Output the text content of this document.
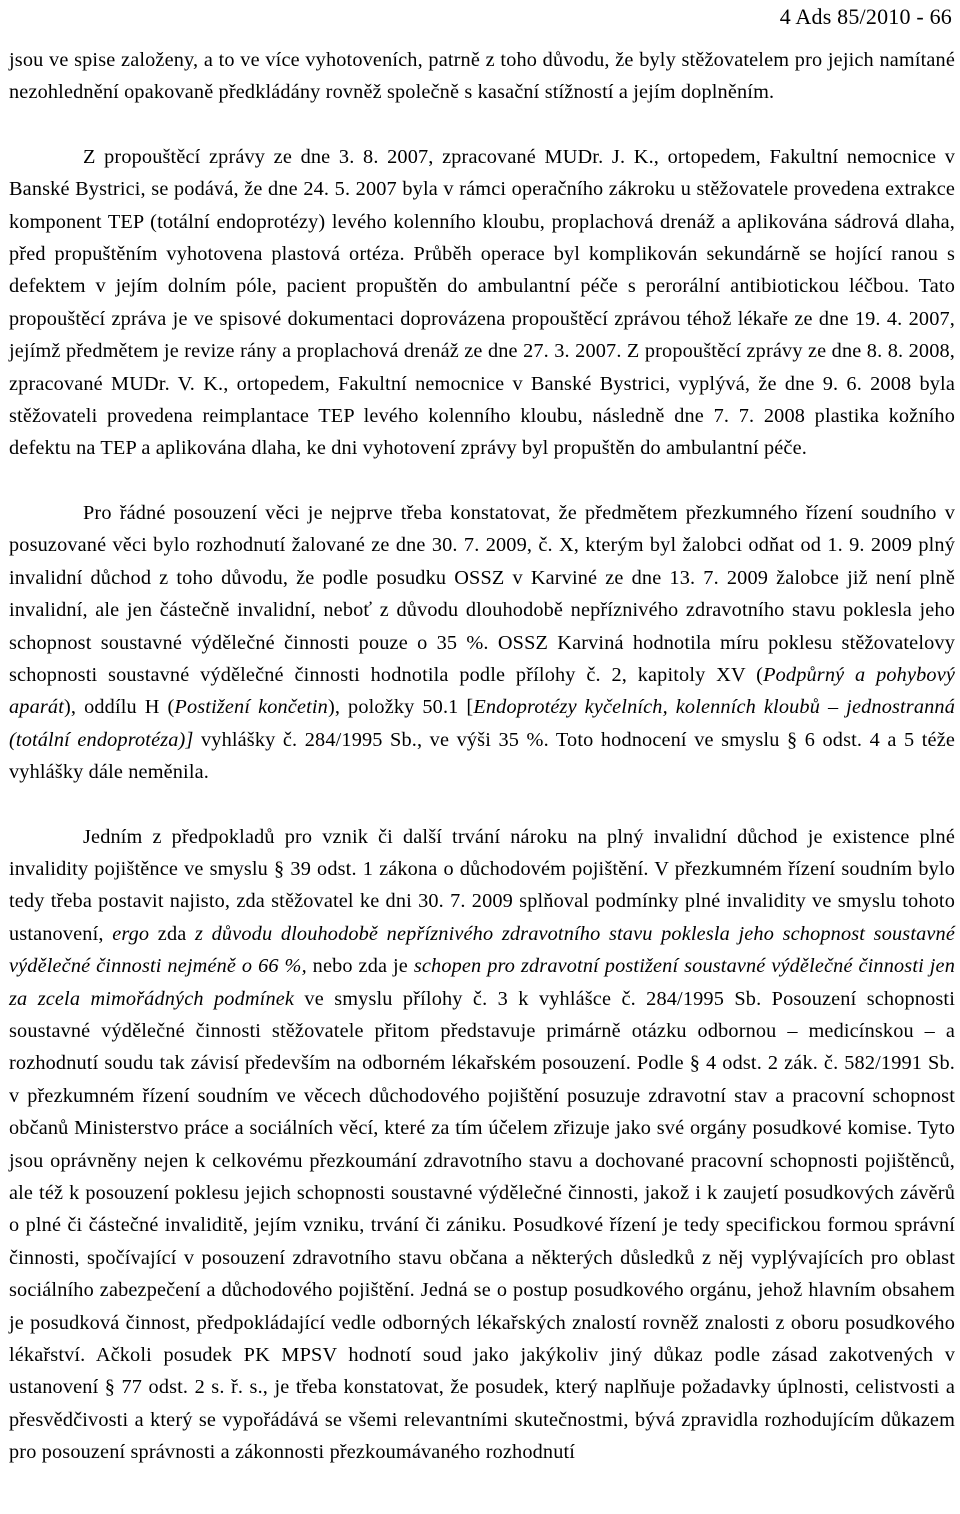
4 Ads 85/2010 - 66

jsou ve spise založeny, a to ve více vyhotoveních, patrně z toho důvodu, že byly stěžovatelem pro jejich namítané nezohlednění opakovaně předkládány rovněž společně s kasační stížností a jejím doplněním.

Z propouštěcí zprávy ze dne 3. 8. 2007, zpracované MUDr. J. K., ortopedem, Fakultní nemocnice v Banské Bystrici, se podává, že dne 24. 5. 2007 byla v rámci operačního zákroku u stěžovatele provedena extrakce komponent TEP (totální endoprotézy) levého kolenního kloubu, proplachová drenáž a aplikována sádrová dlaha, před propuštěním vyhotovena plastová ortéza. Průběh operace byl komplikován sekundárně se hojící ranou s defektem v jejím dolním póle, pacient propuštěn do ambulantní péče s perorální antibiotickou léčbou. Tato propouštěcí zpráva je ve spisové dokumentaci doprovázena propouštěcí zprávou téhož lékaře ze dne 19. 4. 2007, jejímž předmětem je revize rány a proplachová drenáž ze dne 27. 3. 2007. Z propouštěcí zprávy ze dne 8. 8. 2008, zpracované MUDr. V. K., ortopedem, Fakultní nemocnice v Banské Bystrici, vyplývá, že dne 9. 6. 2008 byla stěžovateli provedena reimplantace TEP levého kolenního kloubu, následně dne 7. 7. 2008 plastika kožního defektu na TEP a aplikována dlaha, ke dni vyhotovení zprávy byl propuštěn do ambulantní péče.

Pro řádné posouzení věci je nejprve třeba konstatovat, že předmětem přezkumného řízení soudního v posuzované věci bylo rozhodnutí žalované ze dne 30. 7. 2009, č. X, kterým byl žalobci odňat od 1. 9. 2009 plný invalidní důchod z toho důvodu, že podle posudku OSSZ v Karviné ze dne 13. 7. 2009 žalobce již není plně invalidní, ale jen částečně invalidní, neboť z důvodu dlouhodobě nepříznivého zdravotního stavu poklesla jeho schopnost soustavné výdělečné činnosti pouze o 35 %. OSSZ Karviná hodnotila míru poklesu stěžovatelovy schopnosti soustavné výdělečné činnosti hodnotila podle přílohy č. 2, kapitoly XV (Podpůrný a pohybový aparát), oddílu H (Postižení končetin), položky 50.1 [Endoprotézy kyčelních, kolenních kloubů – jednostranná (totální endoprotéza)] vyhlášky č. 284/1995 Sb., ve výši 35 %. Toto hodnocení ve smyslu § 6 odst. 4 a 5 téže vyhlášky dále neměnila.

Jedním z předpokladů pro vznik či další trvání nároku na plný invalidní důchod je existence plné invalidity pojištěnce ve smyslu § 39 odst. 1 zákona o důchodovém pojištění. V přezkumném řízení soudním bylo tedy třeba postavit najisto, zda stěžovatel ke dni 30. 7. 2009 splňoval podmínky plné invalidity ve smyslu tohoto ustanovení, ergo zda z důvodu dlouhodobě nepříznivého zdravotního stavu poklesla jeho schopnost soustavné výdělečné činnosti nejméně o 66 %, nebo zda je schopen pro zdravotní postižení soustavné výdělečné činnosti jen za zcela mimořádných podmínek ve smyslu přílohy č. 3 k vyhlášce č. 284/1995 Sb. Posouzení schopnosti soustavné výdělečné činnosti stěžovatele přitom představuje primárně otázku odbornou – medicínskou – a rozhodnutí soudu tak závisí především na odborném lékařském posouzení. Podle § 4 odst. 2 zák. č. 582/1991 Sb. v přezkumném řízení soudním ve věcech důchodového pojištění posuzuje zdravotní stav a pracovní schopnost občanů Ministerstvo práce a sociálních věcí, které za tím účelem zřizuje jako své orgány posudkové komise. Tyto jsou oprávněny nejen k celkovému přezkoumání zdravotního stavu a dochované pracovní schopnosti pojištěnců, ale též k posouzení poklesu jejich schopnosti soustavné výdělečné činnosti, jakož i k zaujetí posudkových závěrů o plné či částečné invaliditě, jejím vzniku, trvání či zániku. Posudkové řízení je tedy specifickou formou správní činnosti, spočívající v posouzení zdravotního stavu občana a některých důsledků z něj vyplývajících pro oblast sociálního zabezpečení a důchodového pojištění. Jedná se o postup posudkového orgánu, jehož hlavním obsahem je posudková činnost, předpokládající vedle odborných lékařských znalostí rovněž znalosti z oboru posudkového lékařství. Ačkoli posudek PK MPSV hodnotí soud jako jakýkoliv jiný důkaz podle zásad zakotvených v ustanovení § 77 odst. 2 s. ř. s., je třeba konstatovat, že posudek, který naplňuje požadavky úplnosti, celistvosti a přesvědčivosti a který se vypořádává se všemi relevantními skutečnostmi, bývá zpravidla rozhodujícím důkazem pro posouzení správnosti a zákonnosti přezkoumávaného rozhodnutí
